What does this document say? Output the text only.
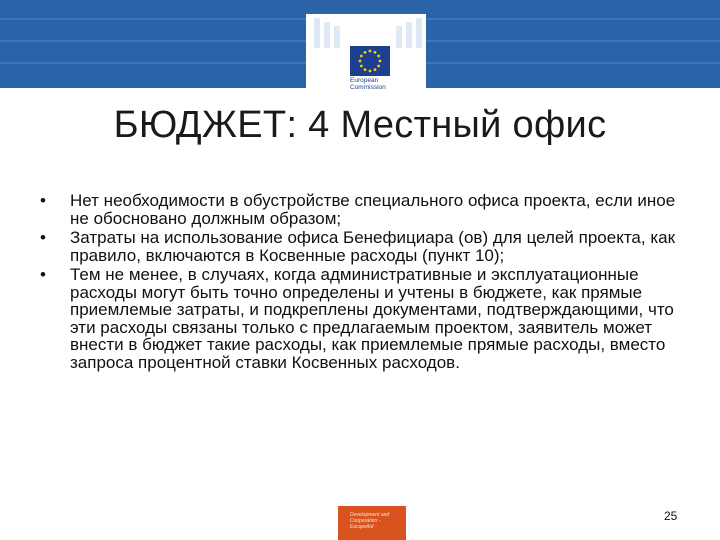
European
Commission
БЮДЖЕТ: 4 Местный офис
• Нет необходимости в обустройстве специального офиса проекта, если иное не обосновано должным образом;
• Затраты на использование офиса Бенефициара (ов) для целей проекта, как правило, включаются в Косвенные расходы (пункт 10);
• Тем не менее, в случаях, когда административные и эксплуатационные расходы могут быть точно определены и учтены в бюджете, как прямые приемлемые затраты, и подкреплены документами, подтверждающими, что эти расходы связаны только с предлагаемым проектом, заявитель может внести в бюджет такие расходы, как приемлемые прямые расходы, вместо запроса процентной ставки Косвенных расходов.
Development and
Cooperation -
EuropeAid
25
